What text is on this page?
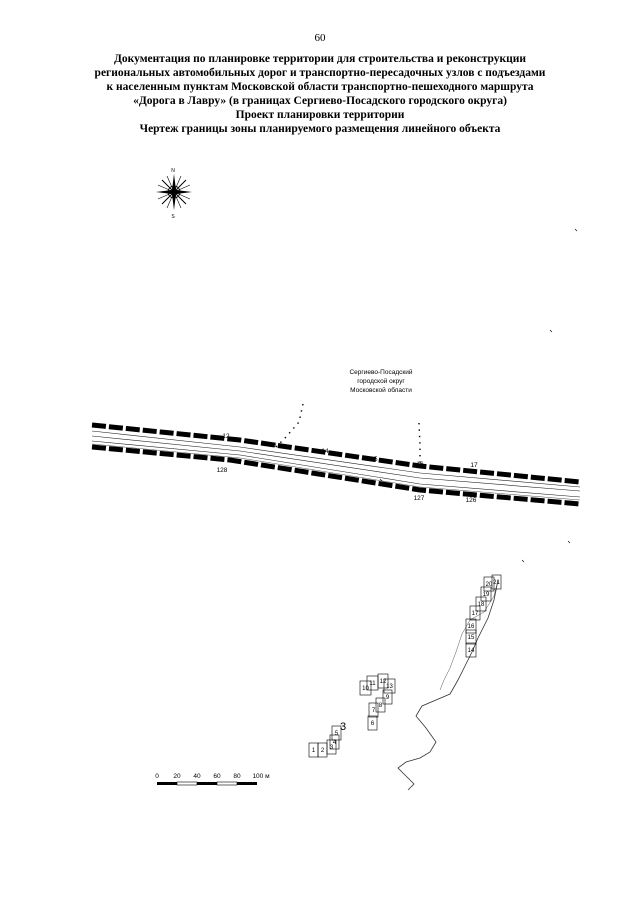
60
Документация по планировке территории для строительства и реконструкции
региональных автомобильных дорог и транспортно-пересадочных узлов с подъездами
к населенным пунктам Московской области транспортно-пешеходного маршрута
«Дорога в Лавру» (в границах Сергиево-Посадского городского округа)
Проект планировки территории
Чертеж границы зоны планируемого размещения линейного объекта
N
S
Сергиево-Посадский
городской округ
Московской области
12
13
14
15
16	17
128
127	126
1 2 3
4
5
6
7
8
9
10
11 12
13
14
15
16
17
18
19
20 21
3
0 20 40 60 80 100 м
